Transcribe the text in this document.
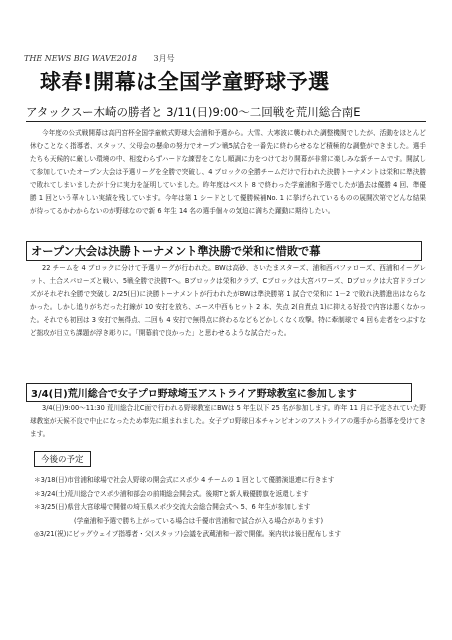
THE NEWS BIG WAVE2018 3月号
球春!開幕は全国学童野球予選
アタックスー木崎の勝者と 3/11(日)9:00～二回戦を荒川総合南E

今年度の公式戦開幕は高円宮杯全国学童軟式野球大会浦和予選から。大雪、大寒波に襲われた調整機関でしたが、活動をほとんど休むことなく指導者、スタッフ、父母会の懸命の努力でオープン戦5試合を一番先に終わらせるなど積極的な調整ができました。選手たちも天候的に厳しい環境の中、相変わらずハードな練習をこなし順調に力をつけており開幕が非常に楽しみな新チームです。開試して参加していたオープン大会は予選リーグを全勝で突破し、4 ブロックの全勝チームだけで行われた決勝トーナメントは栄和に準決勝で敗れてしまいましたが十分に実力を証明していました。昨年度はベスト 8 で終わった学童浦和予選でしたが過去は優勝 4 回、準優勝 1 回という華々しい実績を残しています。今年は第 1 シードとして優勝候補No. 1 に挙げられているものの展開次第でどんな結果が待ってるかわからないのが野球なので新 6 年生 14 名の選手個々の気迫に満ちた躍動に期待したい。

オープン大会は決勝トーナメント準決勝で栄和に惜敗で幕

22 チームを 4 ブロックに分けて予選リーグが行われた。BWは高砂、さいたまスターズ、浦和西パファローズ、西浦和イーグレット、土合スパローズと戦い、5戦全勝で決勝Tへ。Bブロックは栄和クラブ、Cブロックは大宮パワーズ、Dブロックは大宮ドラゴンズがそれぞれ全勝で突破し 2/25(日)に決勝トーナメントが行われたがBWは準決勝第 1 試合で栄和に 1－2 で敗れ決勝進出はならなかった。しかし追りがちだった打線が 10 安打を放ち、エース中西もヒット 2 本、失点 2(自責点 1)に抑える好投で内容は悪くなかった。それでも初回は 3 安打で無得点、二回も 4 安打で無得点に終わるなどもどかしくなく攻撃。特に牽制球で 4 回も走者をつぶすなど拙攻が目立ち課題が浮き彫りに。「開幕前で良かった」と思わせるような試合だった。

3/4(日)荒川総合で女子プロ野球埼玉アストライア野球教室に参加します

3/4(日)9:00～11:30 荒川総合北C面で行われる野球教室にBWは 5 年生以下 25 名が参加します。昨年 11 月に予定されていた野球教室が天候不良で中止になったため奉先に組まれました。女子プロ野球日本チャンピオンのアストライアの選手から指導を受けてきます。

今後の予定
＊3/18(日)市営浦和球場で社会人野球の開会式にスポ少 4 チームの 1 回として優勝演退連に行きます
＊3/24(土)荒川総合でスポ少浦和部会の前期総会開会式。後期Tと新人戦優勝旗を返還します
＊3/25(日)県営大宮球場で開催の埼玉県スポ少交流大会総合開会式へ 5、6 年生が参加します
(学童浦和予選で勝ち上がっている場合は千優市営浦和で試合が入る場合があります)
◎3/21(祝)にビッグウェイブ指導者・父(スタッフ)会議を武蔵浦和一源で開催。案内状は後日配布します
